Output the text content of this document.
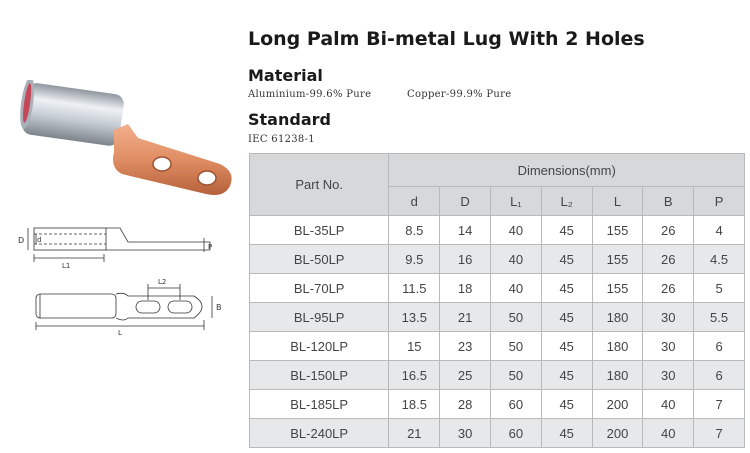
Long Palm Bi-metal Lug With 2 Holes
Material
Aluminium-99.6% Pure	Copper-99.9% Pure
Standard
IEC 61238-1
D d
L1
P
L2
B
L
Part No.	Dimensions(mm)						
	d	D	L₁	L₂	L	B	P
BL-35LP	8.5	14	40	45	155	26	4
BL-50LP	9.5	16	40	45	155	26	4.5
BL-70LP	11.5	18	40	45	155	26	5
BL-95LP	13.5	21	50	45	180	30	5.5
BL-120LP	15	23	50	45	180	30	6
BL-150LP	16.5	25	50	45	180	30	6
BL-185LP	18.5	28	60	45	200	40	7
BL-240LP	21	30	60	45	200	40	7
